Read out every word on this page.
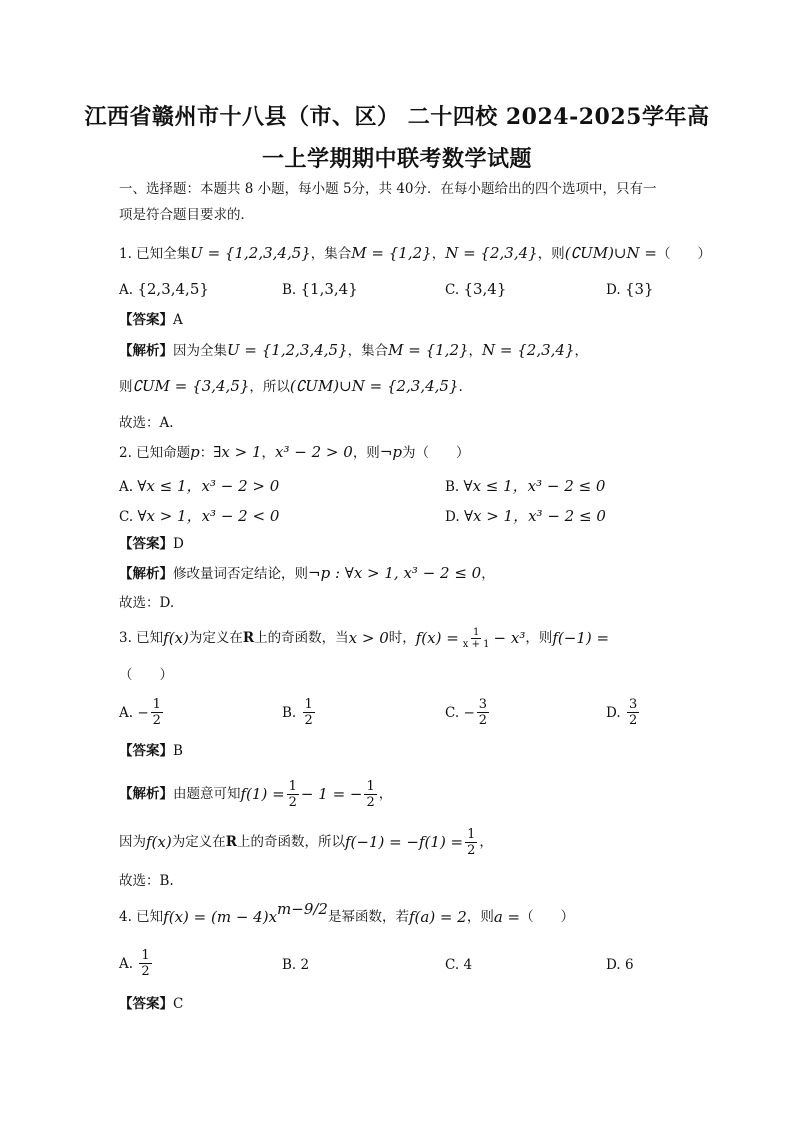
江西省赣州市十八县（市、区） 二十四校 2024-2025学年高
一上学期期中联考数学试题
一、选择题：本题共 8 小题，每小题 5分，共 40分．在每小题给出的四个选项中，只有一
项是符合题目要求的．
1. 已知全集U = {1,2,3,4,5}，集合M = {1,2}，N = {2,3,4}，则(∁UM)∪N =（　　）
A. {2,3,4,5}	B. {1,3,4}	C. {3,4}	D. {3}
【答案】A
【解析】因为全集U = {1,2,3,4,5}，集合M = {1,2}，N = {2,3,4}，
则∁UM = {3,4,5}，所以(∁UM)∪N = {2,3,4,5}.
故选：A.
2. 已知命题p：∃x > 1，x³ − 2 > 0，则¬p为（　　）
A. ∀x ≤ 1，x³ − 2 > 0	B. ∀x ≤ 1，x³ − 2 ≤ 0
C. ∀x > 1，x³ − 2 < 0	D. ∀x > 1，x³ − 2 ≤ 0
【答案】D
【解析】修改量词否定结论，则¬p : ∀x > 1, x³ − 2 ≤ 0，
故选：D.
3. 已知 f(x) 为定义在 R 上的奇函数，当 x > 0 时， $f(x) = \frac{1}{x + 1} - x^3$ ，则 f(−1) =
（　　）
A.
− $\frac{1}{2}$	B.
$\frac{1}{2}$	C.
− $\frac{3}{2}$	D.
$\frac{3}{2}$
【答案】B
【解析】 由题意可知 $f(1) = \frac{1}{2} - 1$ = − $\frac{1}{2}$ ，
因为 f(x) 为定义在 R 上的奇函数，所以 $f(-1) = -f(1) = \frac{1}{2}$ ，
故选：B.
4. 已知 $f(x) = (m - 4)x^{m-9/2}$ 是幂函数，若 f(a) = 2 ，则 a = （　　）
A.
$\frac{1}{2}$	B. 2	C. 4	D. 6
【答案】C
